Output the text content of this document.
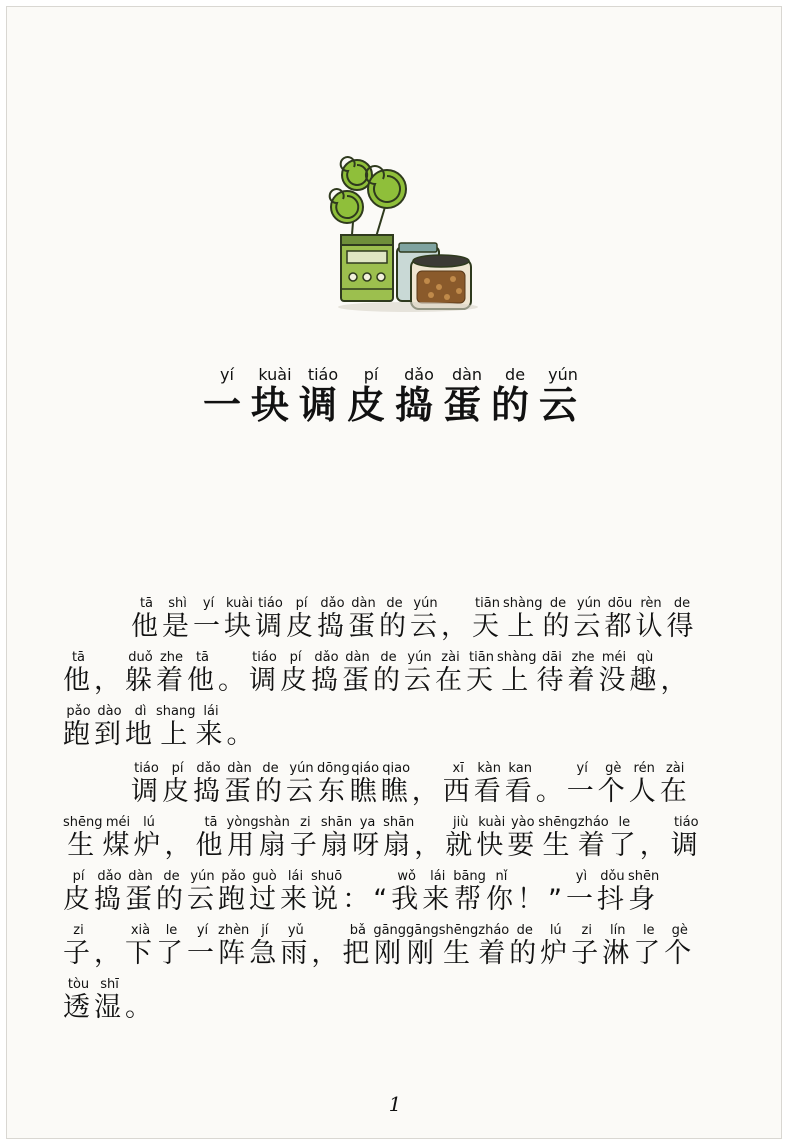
一yí块kuài调tiáo皮pí捣dǎo蛋dàn的de云yún

他tā是shì一yí块kuài调tiáo皮pí捣dǎo蛋dàn的de云yún， 天tiān上shàng的de云yún都dōu认rèn得de他tā， 躲duǒ着zhe他tā。 调tiáo皮pí捣dǎo蛋dàn的de云yún在zài天tiān上shàng待dāi着zhe没méi趣qù， 跑pǎo到dào地dì上shang来lái。

调tiáo皮pí捣dǎo蛋dàn的de云yún东dōng瞧qiáo瞧qiao， 西xī看kàn看kan。 一yí个gè人rén在zài生shēng煤méi炉lú， 他tā用yòng扇shàn子zi扇shān呀ya扇shān， 就jiù快kuài要yào生shēng着zháo了le， 调tiáo皮pí捣dǎo蛋dàn的de云yún跑pǎo过guò来lái说shuō： “ 我wǒ来lái帮bāng你nǐ！ ” 一yì抖dǒu身shēn子zi， 下xià了le一yí阵zhèn急jí雨yǔ， 把bǎ刚gāng刚gāng生shēng着zháo的de炉lú子zi淋lín了le个gè透tòu湿shī。

1
